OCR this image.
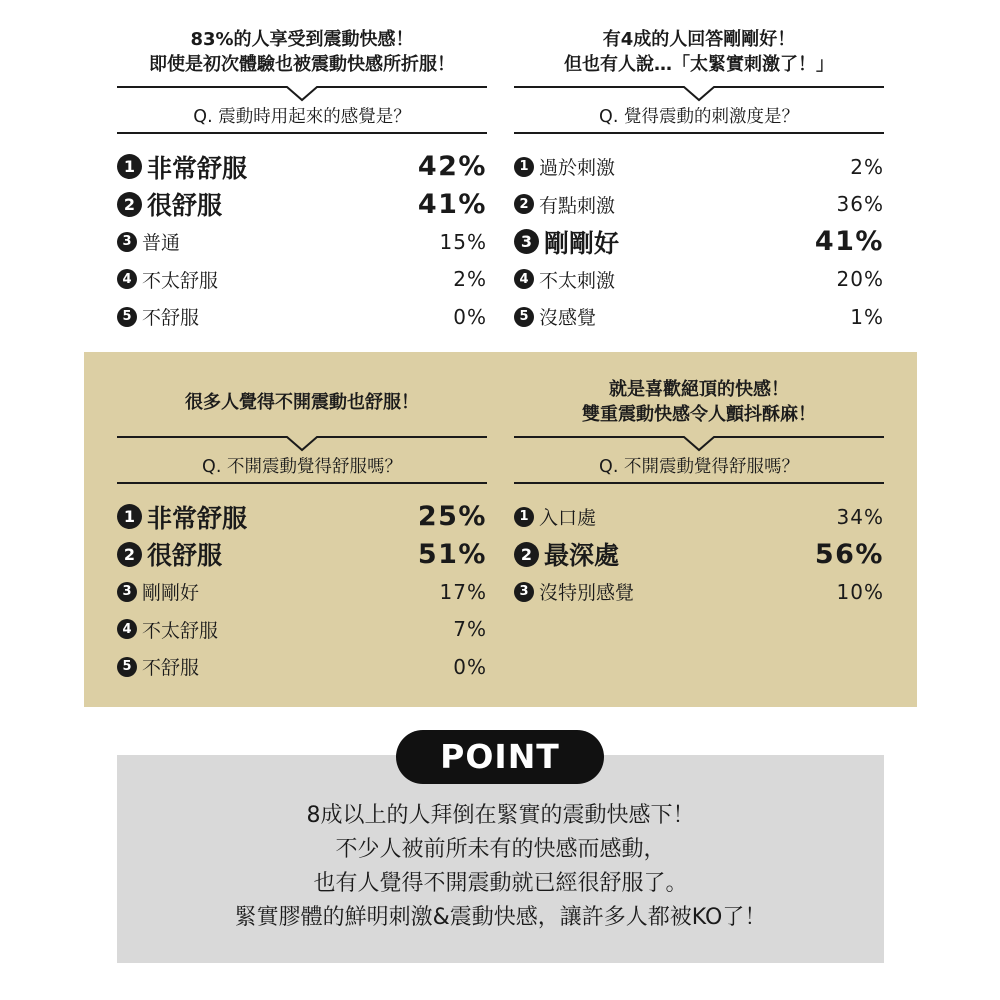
83%的人享受到震動快感！
即使是初次體驗也被震動快感所折服！
Q. 震動時用起來的感覺是？
1 非常舒服	42%
2 很舒服	41%
3 普通	15%
4 不太舒服	2%
5 不舒服	0%
有4成的人回答剛剛好！
但也有人說…「太緊實刺激了！」
Q. 覺得震動的刺激度是？
1 過於刺激	2%
2 有點刺激	36%
3 剛剛好	41%
4 不太刺激	20%
5 沒感覺	1%
很多人覺得不開震動也舒服！
Q. 不開震動覺得舒服嗎？
1 非常舒服	25%
2 很舒服	51%
3 剛剛好	17%
4 不太舒服	7%
5 不舒服	0%
就是喜歡絕頂的快感！
雙重震動快感令人顫抖酥麻！
Q. 不開震動覺得舒服嗎？
1 入口處	34%
2 最深處	56%
3 沒特別感覺	10%
8成以上的人拜倒在緊實的震動快感下！
不少人被前所未有的快感而感動，
也有人覺得不開震動就已經很舒服了。
緊實膠體的鮮明刺激&震動快感，讓許多人都被KO了！
POINT
